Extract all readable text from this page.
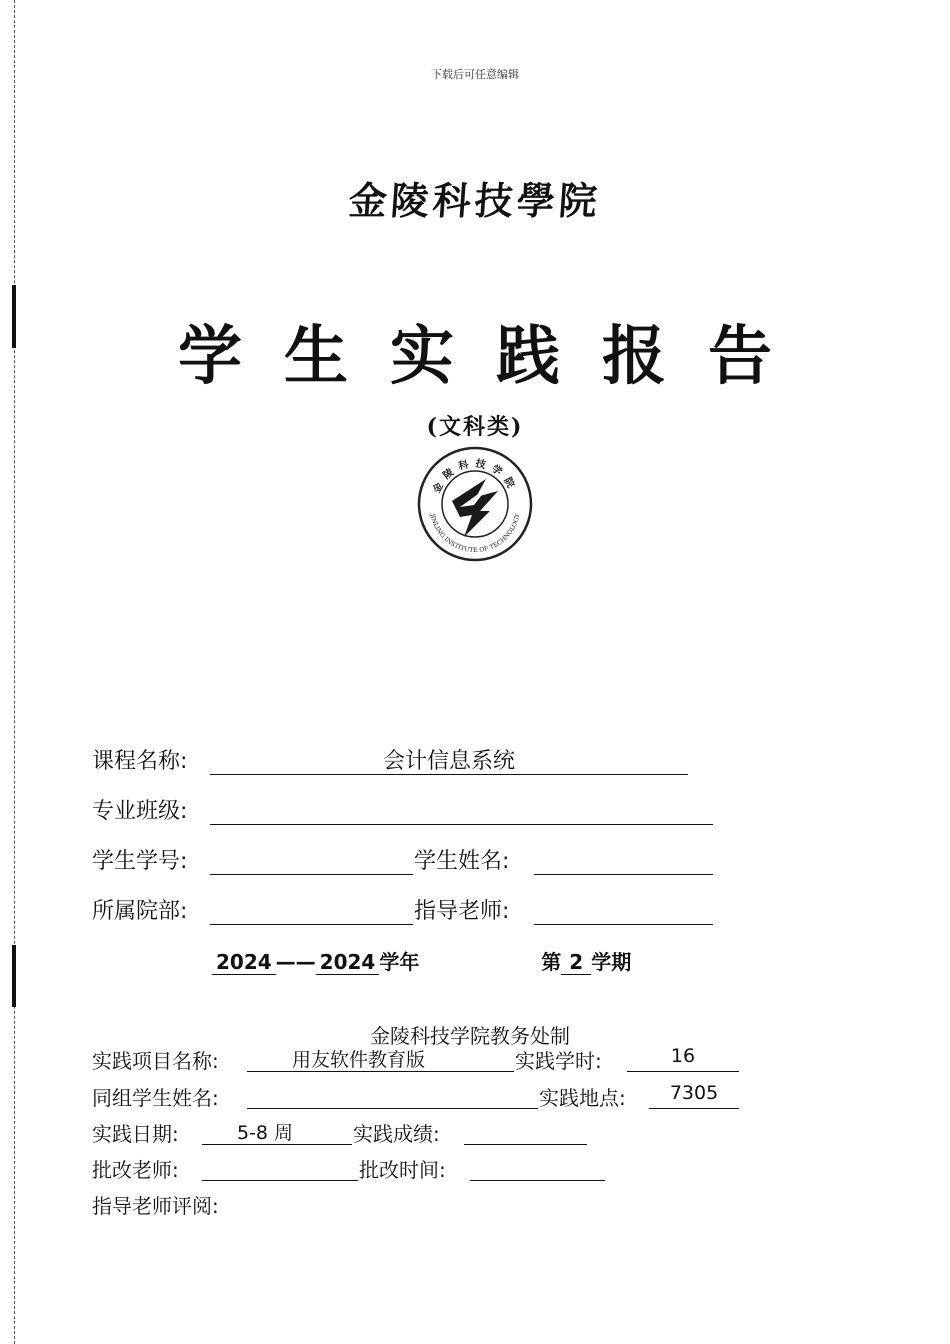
下载后可任意编辑
金陵科技學院
学生实践报告
(文科类)
金陵科技学院
JINLING INSTITUTE OF TECHNOLOGY
课程名称:	会计信息系统
专业班级:
学生学号:	学生姓名:
所属院部:	指导老师:
2024 —— 2024 学年	第 2 学期
金陵科技学院教务处制
实践项目名称:	用友软件教育版	实践学时:	16
同组学生姓名:	实践地点:	7305
实践日期:	5-8 周	实践成绩:
批改老师:	批改时间:
指导老师评阅:
